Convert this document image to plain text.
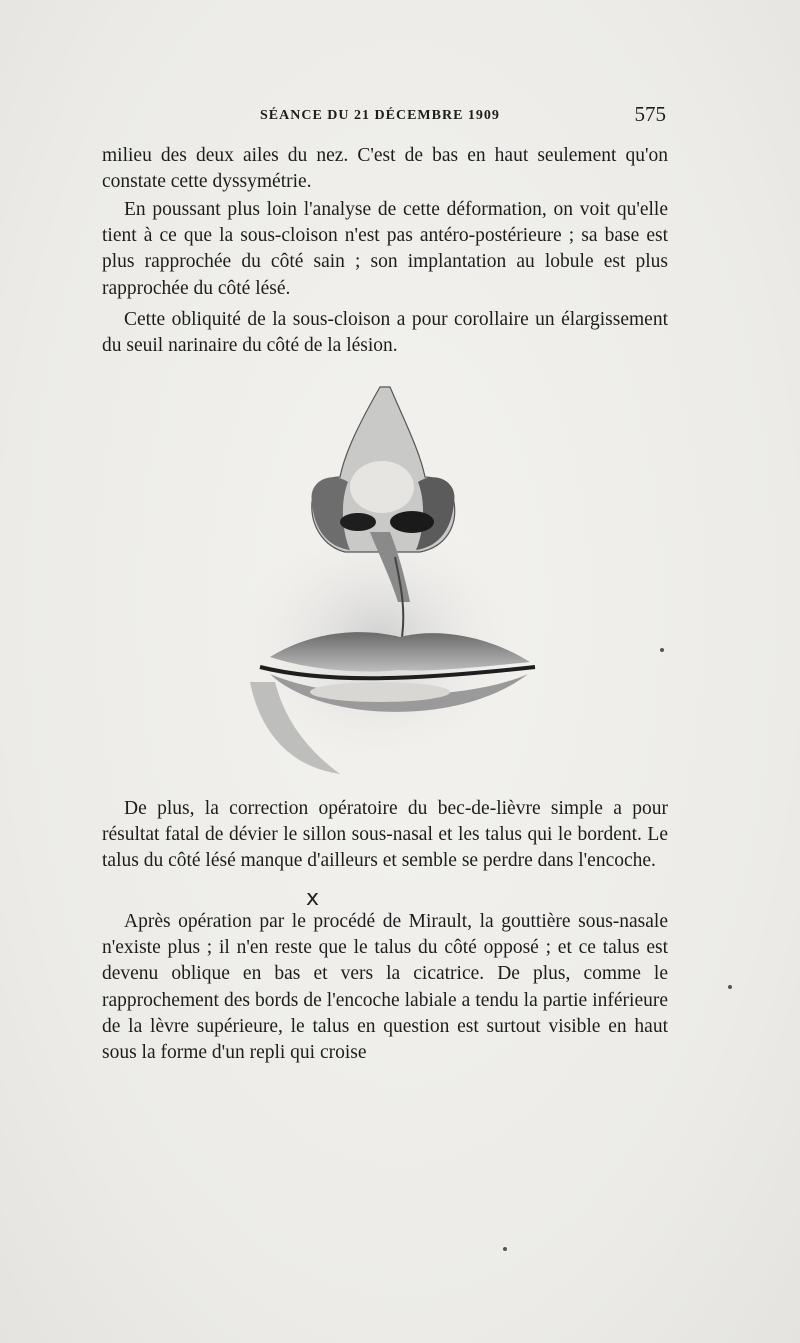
SÉANCE DU 21 DÉCEMBRE 1909	575

milieu des deux ailes du nez. C'est de bas en haut seulement qu'on constate cette dyssymétrie.

En poussant plus loin l'analyse de cette déformation, on voit qu'elle tient à ce que la sous-cloison n'est pas antéro-postérieure ; sa base est plus rapprochée du côté sain ; son implantation au lobule est plus rapprochée du côté lésé.

Cette obliquité de la sous-cloison a pour corollaire un élargissement du seuil narinaire du côté de la lésion.

De plus, la correction opératoire du bec-de-lièvre simple a pour résultat fatal de dévier le sillon sous-nasal et les talus qui le bordent. Le talus du côté lésé manque d'ailleurs et semble se perdre dans l'encoche.

x

Après opération par le procédé de Mirault, la gouttière sous-nasale n'existe plus ; il n'en reste que le talus du côté opposé ; et ce talus est devenu oblique en bas et vers la cicatrice. De plus, comme le rapprochement des bords de l'encoche labiale a tendu la partie inférieure de la lèvre supérieure, le talus en question est surtout visible en haut sous la forme d'un repli qui croise
